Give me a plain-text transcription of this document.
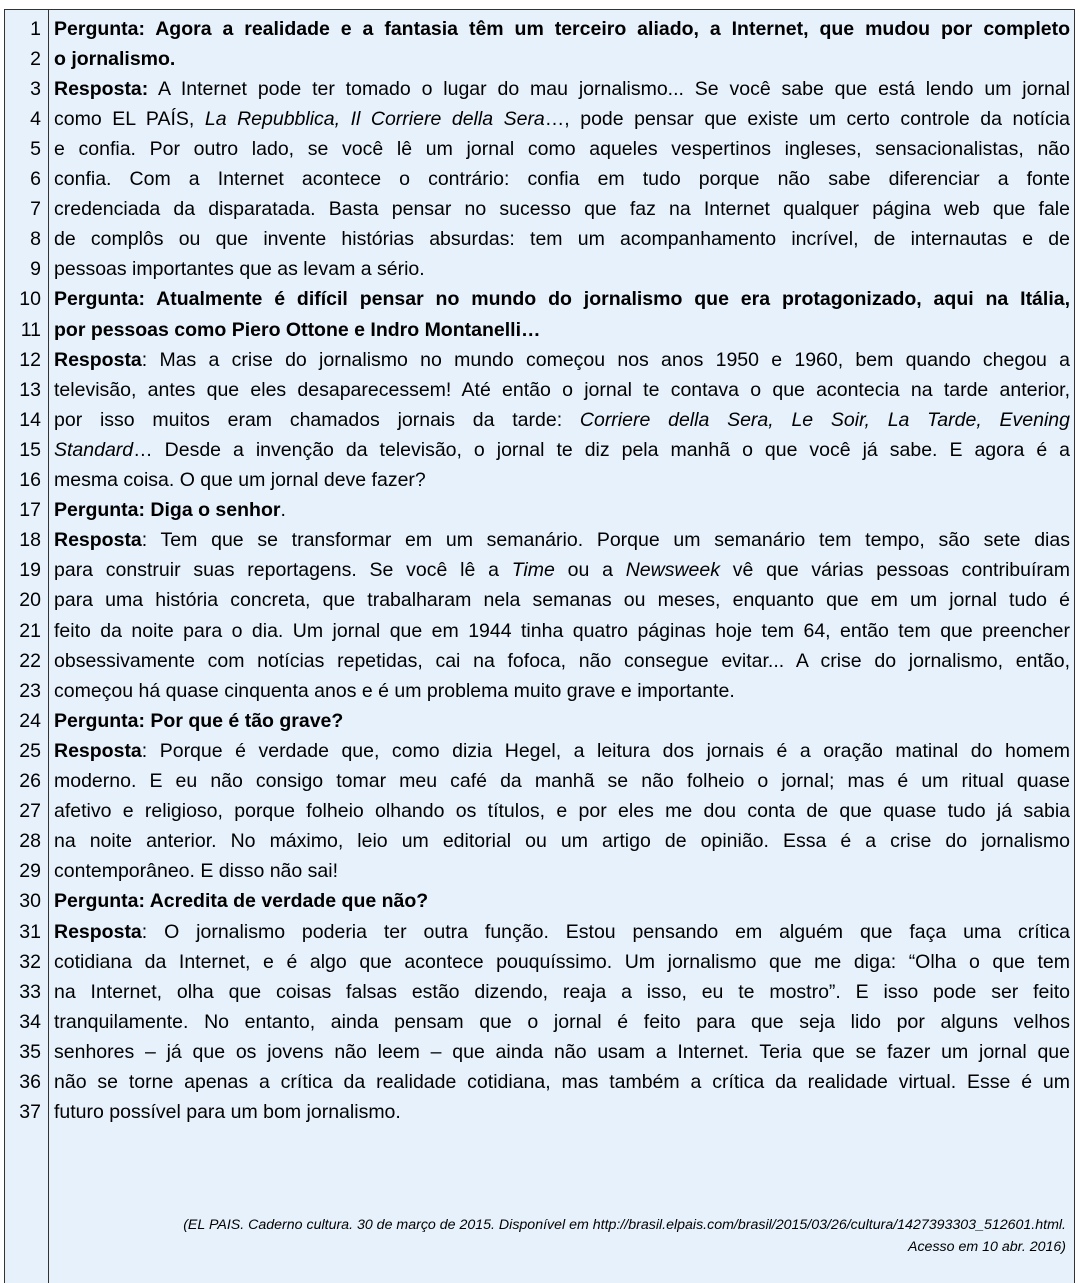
1
2
3
4
5
6
7
8
9
10
11
12
13
14
15
16
17
18
19
20
21
22
23
24
25
26
27
28
29
30
31
32
33
34
35
36
37
(EL PAIS. Caderno cultura. 30 de março de 2015. Disponível em http://brasil.elpais.com/brasil/2015/03/26/cultura/1427393303_512601.html.
Acesso em 10 abr. 2016)
Pergunta: Agora a realidade e a fantasia têm um terceiro aliado, a Internet, que mudou por completo
o jornalismo.
Resposta: A Internet pode ter tomado o lugar do mau jornalismo... Se você sabe que está lendo um jornal
como EL PAÍS, La Repubblica, Il Corriere della Sera…, pode pensar que existe um certo controle da notícia
e confia. Por outro lado, se você lê um jornal como aqueles vespertinos ingleses, sensacionalistas, não
confia. Com a Internet acontece o contrário: confia em tudo porque não sabe diferenciar a fonte
credenciada da disparatada. Basta pensar no sucesso que faz na Internet qualquer página web que fale
de complôs ou que invente histórias absurdas: tem um acompanhamento incrível, de internautas e de
pessoas importantes que as levam a sério.
Pergunta: Atualmente é difícil pensar no mundo do jornalismo que era protagonizado, aqui na Itália,
por pessoas como Piero Ottone e Indro Montanelli…
Resposta: Mas a crise do jornalismo no mundo começou nos anos 1950 e 1960, bem quando chegou a
televisão, antes que eles desaparecessem! Até então o jornal te contava o que acontecia na tarde anterior,
por isso muitos eram chamados jornais da tarde: Corriere della Sera, Le Soir, La Tarde, Evening
Standard… Desde a invenção da televisão, o jornal te diz pela manhã o que você já sabe. E agora é a
mesma coisa. O que um jornal deve fazer?
Pergunta: Diga o senhor.
Resposta: Tem que se transformar em um semanário. Porque um semanário tem tempo, são sete dias
para construir suas reportagens. Se você lê a Time ou a Newsweek vê que várias pessoas contribuíram
para uma história concreta, que trabalharam nela semanas ou meses, enquanto que em um jornal tudo é
feito da noite para o dia. Um jornal que em 1944 tinha quatro páginas hoje tem 64, então tem que preencher
obsessivamente com notícias repetidas, cai na fofoca, não consegue evitar... A crise do jornalismo, então,
começou há quase cinquenta anos e é um problema muito grave e importante.
Pergunta: Por que é tão grave?
Resposta: Porque é verdade que, como dizia Hegel, a leitura dos jornais é a oração matinal do homem
moderno. E eu não consigo tomar meu café da manhã se não folheio o jornal; mas é um ritual quase
afetivo e religioso, porque folheio olhando os títulos, e por eles me dou conta de que quase tudo já sabia
na noite anterior. No máximo, leio um editorial ou um artigo de opinião. Essa é a crise do jornalismo
contemporâneo. E disso não sai!
Pergunta: Acredita de verdade que não?
Resposta: O jornalismo poderia ter outra função. Estou pensando em alguém que faça uma crítica
cotidiana da Internet, e é algo que acontece pouquíssimo. Um jornalismo que me diga: “Olha o que tem
na Internet, olha que coisas falsas estão dizendo, reaja a isso, eu te mostro”. E isso pode ser feito
tranquilamente. No entanto, ainda pensam que o jornal é feito para que seja lido por alguns velhos
senhores – já que os jovens não leem – que ainda não usam a Internet. Teria que se fazer um jornal que
não se torne apenas a crítica da realidade cotidiana, mas também a crítica da realidade virtual. Esse é um
futuro possível para um bom jornalismo.
